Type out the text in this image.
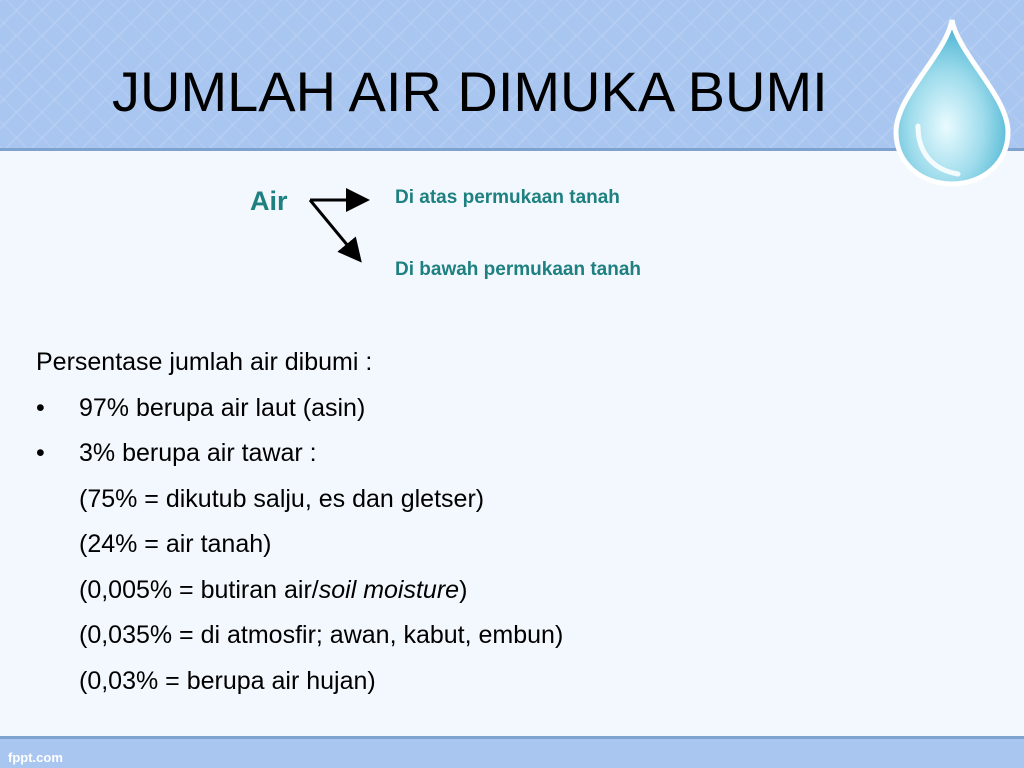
JUMLAH AIR DIMUKA BUMI
Air	Di atas permukaan tanah
Di bawah permukaan tanah
Persentase jumlah air dibumi :
• 97% berupa air laut (asin)
• 3% berupa air tawar :
(75% = dikutub salju, es dan gletser)
(24% = air tanah)
(0,005% = butiran air/soil moisture)
(0,035% = di atmosfir; awan, kabut, embun)
(0,03% = berupa air hujan)
fppt.com
